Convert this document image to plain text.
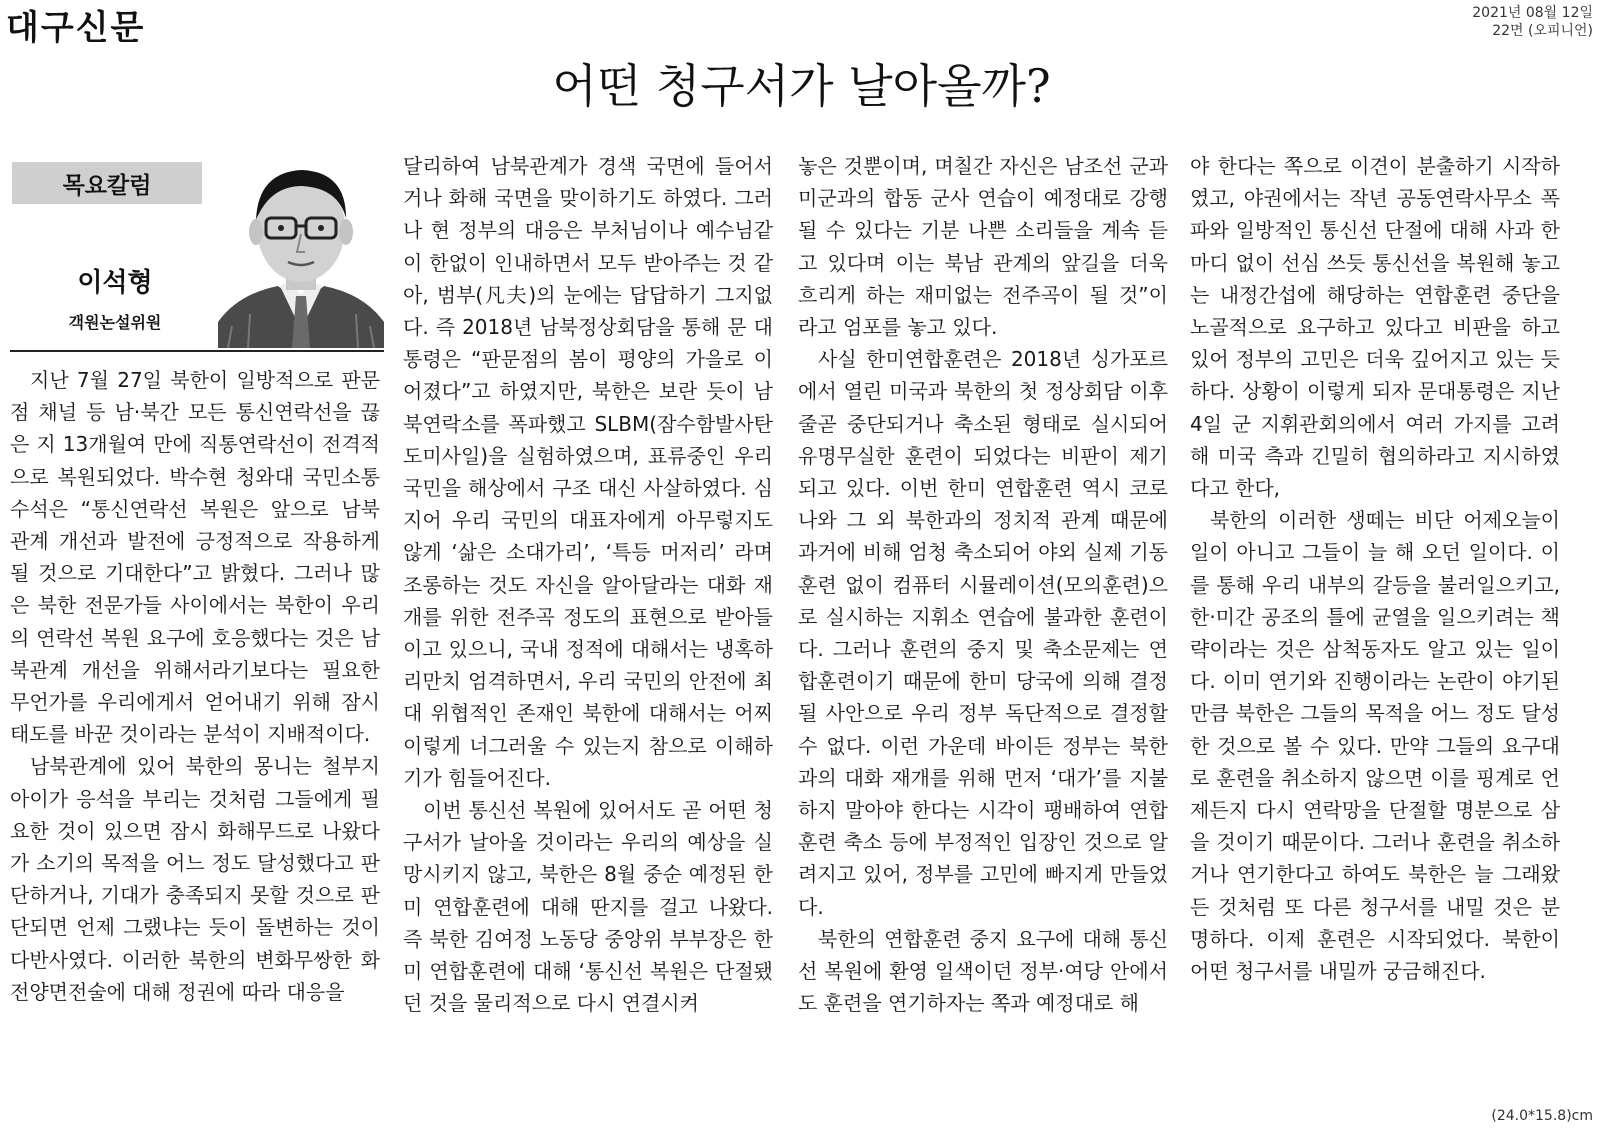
대구신문	2021년 08월 12일
22면 (오피니언)
어떤 청구서가 날아올까?
목요칼럼
이석형
객원논설위원

지난 7월 27일 북한이 일방적으로 판문점 채널 등 남·북간 모든 통신연락선을 끊은 지 13개월여 만에 직통연락선이 전격적으로 복원되었다. 박수현 청와대 국민소통수석은 “통신연락선 복원은 앞으로 남북 관계 개선과 발전에 긍정적으로 작용하게 될 것으로 기대한다”고 밝혔다. 그러나 많은 북한 전문가들 사이에서는 북한이 우리의 연락선 복원 요구에 호응했다는 것은 남북관계 개선을 위해서라기보다는 필요한 무언가를 우리에게서 얻어내기 위해 잠시 태도를 바꾼 것이라는 분석이 지배적이다.

남북관계에 있어 북한의 몽니는 철부지 아이가 응석을 부리는 것처럼 그들에게 필요한 것이 있으면 잠시 화해무드로 나왔다가 소기의 목적을 어느 정도 달성했다고 판단하거나, 기대가 충족되지 못할 것으로 판단되면 언제 그랬냐는 듯이 돌변하는 것이 다반사였다. 이러한 북한의 변화무쌍한 화전양면전술에 대해 정권에 따라 대응을

달리하여 남북관계가 경색 국면에 들어서거나 화해 국면을 맞이하기도 하였다. 그러나 현 정부의 대응은 부처님이나 예수님같이 한없이 인내하면서 모두 받아주는 것 같아, 범부(凡夫)의 눈에는 답답하기 그지없다. 즉 2018년 남북정상회담을 통해 문 대통령은 “판문점의 봄이 평양의 가을로 이어졌다”고 하였지만, 북한은 보란 듯이 남북연락소를 폭파했고 SLBM(잠수함발사탄도미사일)을 실험하였으며, 표류중인 우리 국민을 해상에서 구조 대신 사살하였다. 심지어 우리 국민의 대표자에게 아무렇지도 않게 ‘삶은 소대가리’, ‘특등 머저리’ 라며 조롱하는 것도 자신을 알아달라는 대화 재개를 위한 전주곡 정도의 표현으로 받아들이고 있으니, 국내 정적에 대해서는 냉혹하리만치 엄격하면서, 우리 국민의 안전에 최대 위협적인 존재인 북한에 대해서는 어찌 이렇게 너그러울 수 있는지 참으로 이해하기가 힘들어진다.

이번 통신선 복원에 있어서도 곧 어떤 청구서가 날아올 것이라는 우리의 예상을 실망시키지 않고, 북한은 8월 중순 예정된 한미 연합훈련에 대해 딴지를 걸고 나왔다. 즉 북한 김여정 노동당 중앙위 부부장은 한미 연합훈련에 대해 ‘통신선 복원은 단절됐던 것을 물리적으로 다시 연결시켜

놓은 것뿐이며, 며칠간 자신은 남조선 군과 미군과의 합동 군사 연습이 예정대로 강행될 수 있다는 기분 나쁜 소리들을 계속 듣고 있다며 이는 북남 관계의 앞길을 더욱 흐리게 하는 재미없는 전주곡이 될 것”이라고 엄포를 놓고 있다.

사실 한미연합훈련은 2018년 싱가포르에서 열린 미국과 북한의 첫 정상회담 이후 줄곧 중단되거나 축소된 형태로 실시되어 유명무실한 훈련이 되었다는 비판이 제기되고 있다. 이번 한미 연합훈련 역시 코로나와 그 외 북한과의 정치적 관계 때문에 과거에 비해 엄청 축소되어 야외 실제 기동 훈련 없이 컴퓨터 시뮬레이션(모의훈련)으로 실시하는 지휘소 연습에 불과한 훈련이다. 그러나 훈련의 중지 및 축소문제는 연합훈련이기 때문에 한미 당국에 의해 결정될 사안으로 우리 정부 독단적으로 결정할 수 없다. 이런 가운데 바이든 정부는 북한과의 대화 재개를 위해 먼저 ‘대가’를 지불하지 말아야 한다는 시각이 팽배하여 연합훈련 축소 등에 부정적인 입장인 것으로 알려지고 있어, 정부를 고민에 빠지게 만들었다.

북한의 연합훈련 중지 요구에 대해 통신선 복원에 환영 일색이던 정부·여당 안에서도 훈련을 연기하자는 쪽과 예정대로 해

야 한다는 쪽으로 이견이 분출하기 시작하였고, 야권에서는 작년 공동연락사무소 폭파와 일방적인 통신선 단절에 대해 사과 한마디 없이 선심 쓰듯 통신선을 복원해 놓고는 내정간섭에 해당하는 연합훈련 중단을 노골적으로 요구하고 있다고 비판을 하고 있어 정부의 고민은 더욱 깊어지고 있는 듯하다. 상황이 이렇게 되자 문대통령은 지난 4일 군 지휘관회의에서 여러 가지를 고려해 미국 측과 긴밀히 협의하라고 지시하였다고 한다,

북한의 이러한 생떼는 비단 어제오늘이 일이 아니고 그들이 늘 해 오던 일이다. 이를 통해 우리 내부의 갈등을 불러일으키고, 한·미간 공조의 틀에 균열을 일으키려는 책략이라는 것은 삼척동자도 알고 있는 일이다. 이미 연기와 진행이라는 논란이 야기된 만큼 북한은 그들의 목적을 어느 정도 달성한 것으로 볼 수 있다. 만약 그들의 요구대로 훈련을 취소하지 않으면 이를 핑계로 언제든지 다시 연락망을 단절할 명분으로 삼을 것이기 때문이다. 그러나 훈련을 취소하거나 연기한다고 하여도 북한은 늘 그래왔든 것처럼 또 다른 청구서를 내밀 것은 분명하다. 이제 훈련은 시작되었다. 북한이 어떤 청구서를 내밀까 궁금해진다.

(24.0*15.8)cm
